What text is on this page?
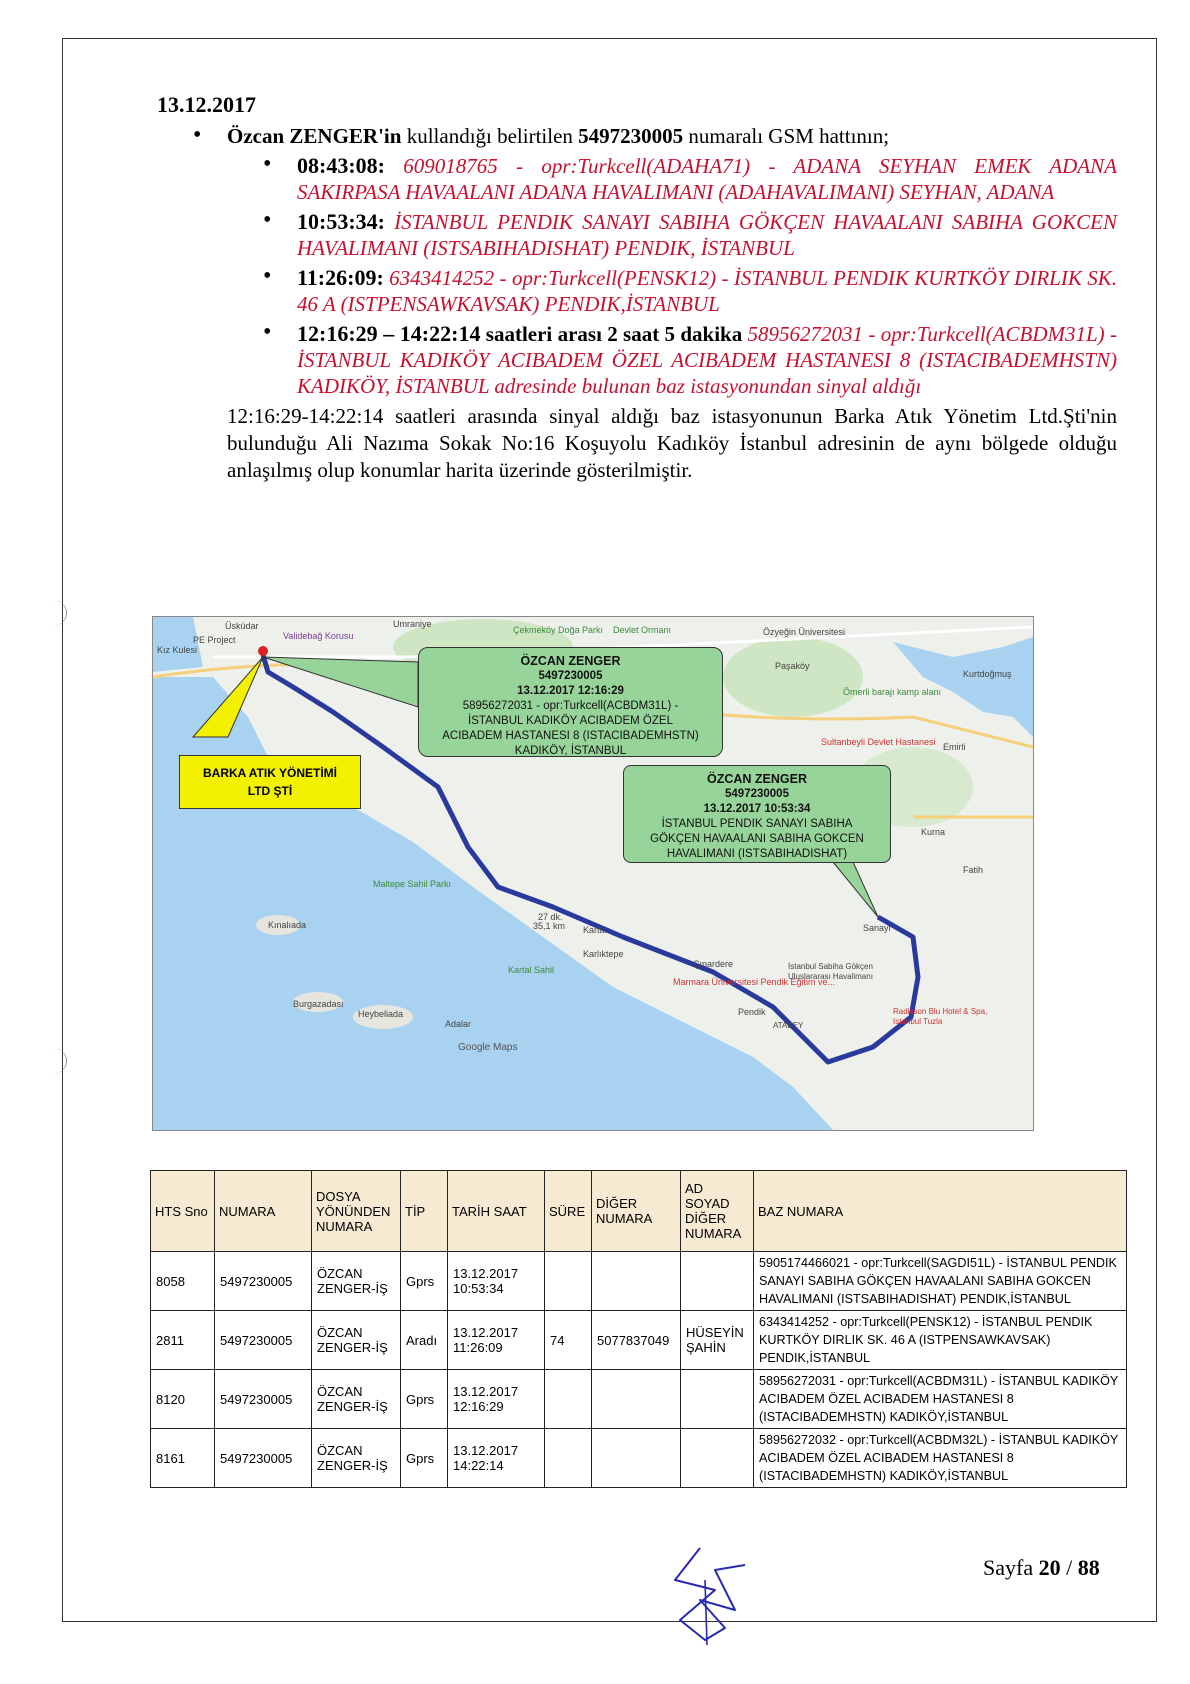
13.12.2017
• Özcan ZENGER'in kullandığı belirtilen 5497230005 numaralı GSM hattının;
• 08:43:08: 609018765 - opr:Turkcell(ADAHA71) - ADANA SEYHAN EMEK ADANA SAKIRPASA HAVAALANI ADANA HAVALIMANI (ADAHAVALIMANI) SEYHAN, ADANA
• 10:53:34: İSTANBUL PENDIK SANAYI SABIHA GÖKÇEN HAVAALANI SABIHA GOKCEN HAVALIMANI (ISTSABIHADISHAT) PENDIK, İSTANBUL
• 11:26:09: 6343414252 - opr:Turkcell(PENSK12) - İSTANBUL PENDIK KURTKÖY DIRLIK SK. 46 A (ISTPENSAWKAVSAK) PENDIK,İSTANBUL
• 12:16:29 – 14:22:14 saatleri arası 2 saat 5 dakika 58956272031 - opr:Turkcell(ACBDM31L) - İSTANBUL KADIKÖY ACIBADEM ÖZEL ACIBADEM HASTANESI 8 (ISTACIBADEMHSTN) KADIKÖY, İSTANBUL adresinde bulunan baz istasyonundan sinyal aldığı
12:16:29-14:22:14 saatleri arasında sinyal aldığı baz istasyonunun Barka Atık Yönetim Ltd.Şti'nin bulunduğu Ali Nazıma Sokak No:16 Koşuyolu Kadıköy İstanbul adresinin de aynı bölgede olduğu anlaşılmış olup konumlar harita üzerinde gösterilmiştir.
BARKA ATIK YÖNETİMİ
LTD ŞTİ
ÖZCAN ZENGER
5497230005
13.12.2017 12:16:29
58956272031 - opr:Turkcell(ACBDM31L) -
İSTANBUL KADIKÖY ACIBADEM ÖZEL
ACIBADEM HASTANESI 8 (ISTACIBADEMHSTN)
KADIKÖY, İSTANBUL
ÖZCAN ZENGER
5497230005
13.12.2017 10:53:34
İSTANBUL PENDIK SANAYI SABIHA
GÖKÇEN HAVAALANI SABIHA GOKCEN
HAVALIMANI (ISTSABIHADISHAT)
Üsküdar	Umraniye
Kız Kulesi
PE Project	Validebağ Korusu
Çekmeköy Doğa Parkı Devlet Ormanı	Özyeğin Üniversitesi
Paşaköy
Ömerli barajı kamp alanı
Kurtdoğmuş
Sultanbeyli Devlet Hastanesi Emirli
Kurna
Fatih
Maltepe Sahil Parkı
Kınalıada
27 dk.
35,1 km Kartal
Karlıktepe
Kartal Sahil
Çınardere
Marmara Üniversitesi Pendik Eğitim ve...
Sanayi
İstanbul Sabiha Gökçen Uluslararası Havalimanı
Radisson Blu Hotel & Spa, Istanbul Tuzla
Burgazadası
Heybeliada
Adalar
Pendik
ATABEY
Google Maps
HTS Sno	NUMARA	DOSYA YÖNÜNDEN NUMARA	TİP	TARİH SAAT	SÜRE	DİĞER NUMARA	AD SOYAD DİĞER NUMARA	BAZ NUMARA
8058	5497230005	ÖZCAN ZENGER-İŞ	Gprs	13.12.2017 10:53:34				5905174466021 - opr:Turkcell(SAGDI51L) - İSTANBUL PENDIK SANAYI SABIHA GÖKÇEN HAVAALANI SABIHA GOKCEN HAVALIMANI (ISTSABIHADISHAT) PENDIK,İSTANBUL
2811	5497230005	ÖZCAN ZENGER-İŞ	Aradı	13.12.2017 11:26:09	74	5077837049	HÜSEYİN ŞAHİN	6343414252 - opr:Turkcell(PENSK12) - İSTANBUL PENDIK KURTKÖY DIRLIK SK. 46 A (ISTPENSAWKAVSAK) PENDIK,İSTANBUL
8120	5497230005	ÖZCAN ZENGER-İŞ	Gprs	13.12.2017 12:16:29				58956272031 - opr:Turkcell(ACBDM31L) - İSTANBUL KADIKÖY ACIBADEM ÖZEL ACIBADEM HASTANESI 8 (ISTACIBADEMHSTN) KADIKÖY,İSTANBUL
8161	5497230005	ÖZCAN ZENGER-İŞ	Gprs	13.12.2017 14:22:14				58956272032 - opr:Turkcell(ACBDM32L) - İSTANBUL KADIKÖY ACIBADEM ÖZEL ACIBADEM HASTANESI 8 (ISTACIBADEMHSTN) KADIKÖY,İSTANBUL
Sayfa 20 / 88
